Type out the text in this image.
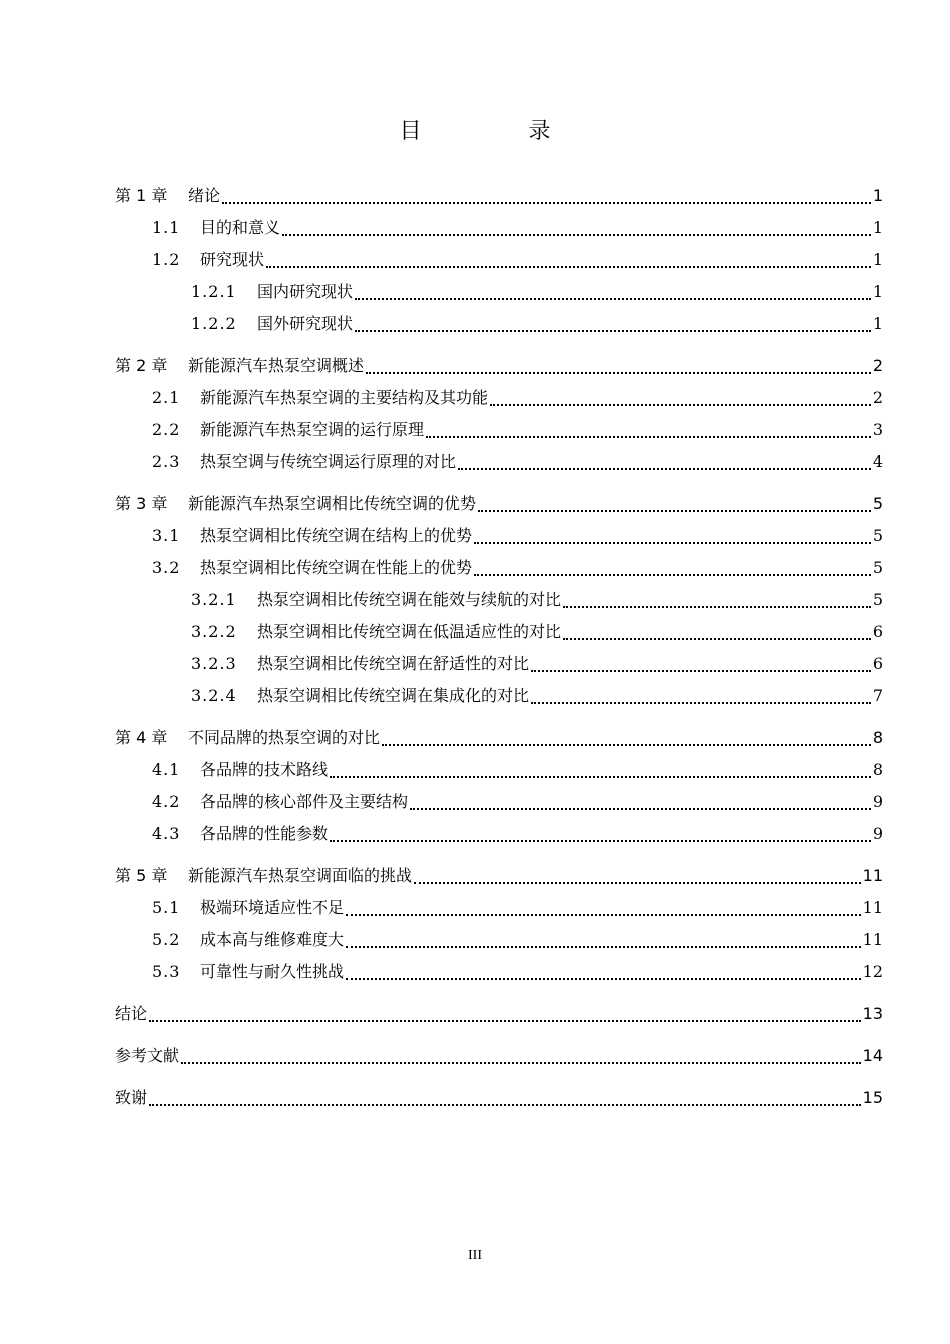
目 录
第 1 章	绪论	1
1.1	目的和意义	1
1.2	研究现状	1
1.2.1	国内研究现状	1
1.2.2	国外研究现状	1
第 2 章	新能源汽车热泵空调概述	2
2.1	新能源汽车热泵空调的主要结构及其功能	2
2.2	新能源汽车热泵空调的运行原理	3
2.3	热泵空调与传统空调运行原理的对比	4
第 3 章	新能源汽车热泵空调相比传统空调的优势	5
3.1	热泵空调相比传统空调在结构上的优势	5
3.2	热泵空调相比传统空调在性能上的优势	5
3.2.1	热泵空调相比传统空调在能效与续航的对比	5
3.2.2	热泵空调相比传统空调在低温适应性的对比	6
3.2.3	热泵空调相比传统空调在舒适性的对比	6
3.2.4	热泵空调相比传统空调在集成化的对比	7
第 4 章	不同品牌的热泵空调的对比	8
4.1	各品牌的技术路线	8
4.2	各品牌的核心部件及主要结构	9
4.3	各品牌的性能参数	9
第 5 章	新能源汽车热泵空调面临的挑战	11
5.1	极端环境适应性不足	11
5.2	成本高与维修难度大	11
5.3	可靠性与耐久性挑战	12
结论	13
参考文献	14
致谢	15
III
